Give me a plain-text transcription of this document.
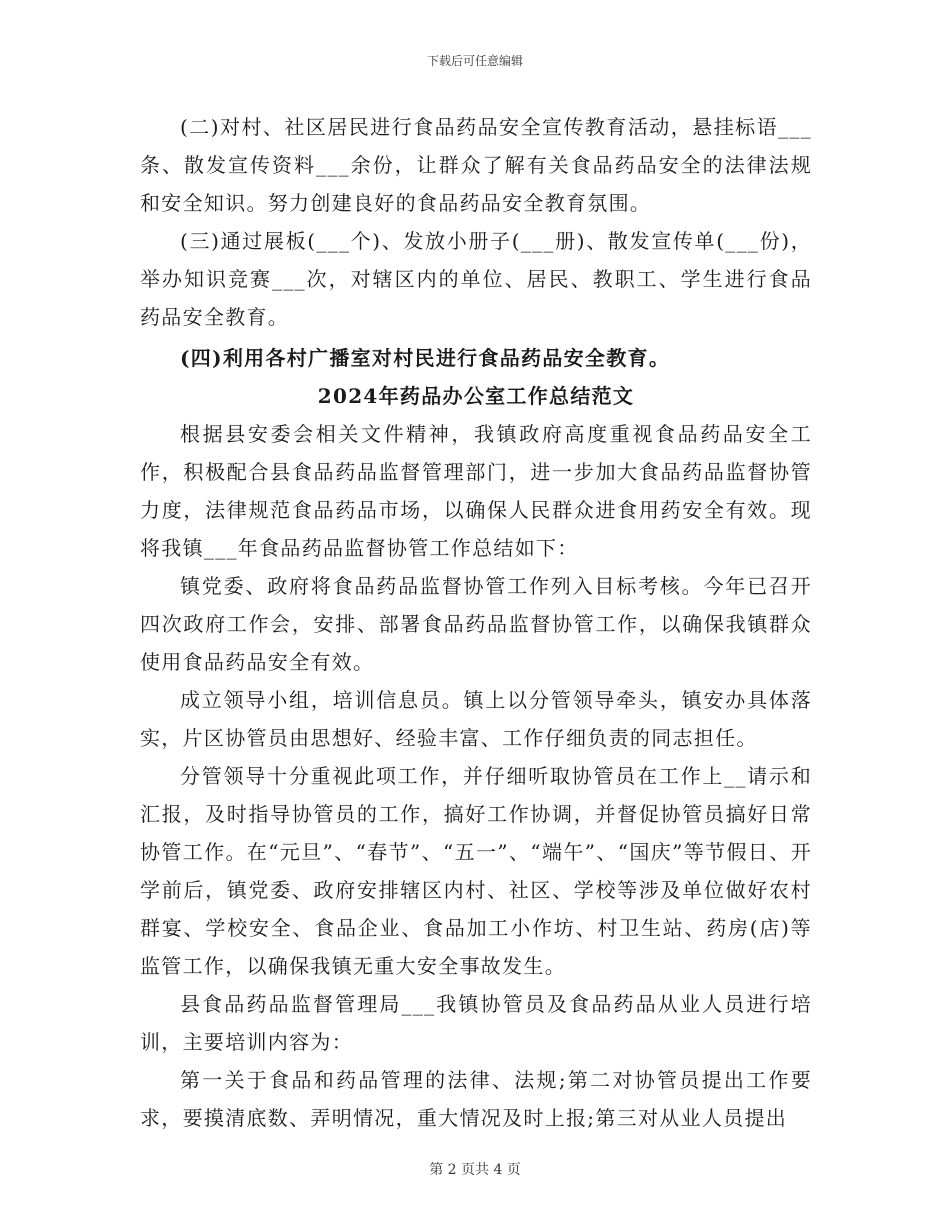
下载后可任意编辑

(二)对村、社区居民进行食品药品安全宣传教育活动，悬挂标语___条、散发宣传资料___余份，让群众了解有关食品药品安全的法律法规和安全知识。努力创建良好的食品药品安全教育氛围。

(三)通过展板(___个)、发放小册子(___册)、散发宣传单(___份)，举办知识竞赛___次，对辖区内的单位、居民、教职工、学生进行食品药品安全教育。

(四)利用各村广播室对村民进行食品药品安全教育。

2024年药品办公室工作总结范文

根据县安委会相关文件精神，我镇政府高度重视食品药品安全工作，积极配合县食品药品监督管理部门，进一步加大食品药品监督协管力度，法律规范食品药品市场，以确保人民群众进食用药安全有效。现将我镇___年食品药品监督协管工作总结如下：

镇党委、政府将食品药品监督协管工作列入目标考核。今年已召开四次政府工作会，安排、部署食品药品监督协管工作，以确保我镇群众使用食品药品安全有效。

成立领导小组，培训信息员。镇上以分管领导牵头，镇安办具体落实，片区协管员由思想好、经验丰富、工作仔细负责的同志担任。

分管领导十分重视此项工作，并仔细听取协管员在工作上__请示和汇报，及时指导协管员的工作，搞好工作协调，并督促协管员搞好日常协管工作。在“元旦”、“春节”、“五一”、“端午”、“国庆”等节假日、开学前后，镇党委、政府安排辖区内村、社区、学校等涉及单位做好农村群宴、学校安全、食品企业、食品加工小作坊、村卫生站、药房(店)等监管工作，以确保我镇无重大安全事故发生。

县食品药品监督管理局___我镇协管员及食品药品从业人员进行培训，主要培训内容为：

第一关于食品和药品管理的法律、法规;第二对协管员提出工作要求，要摸清底数、弄明情况，重大情况及时上报;第三对从业人员提出

第 2 页共 4 页
